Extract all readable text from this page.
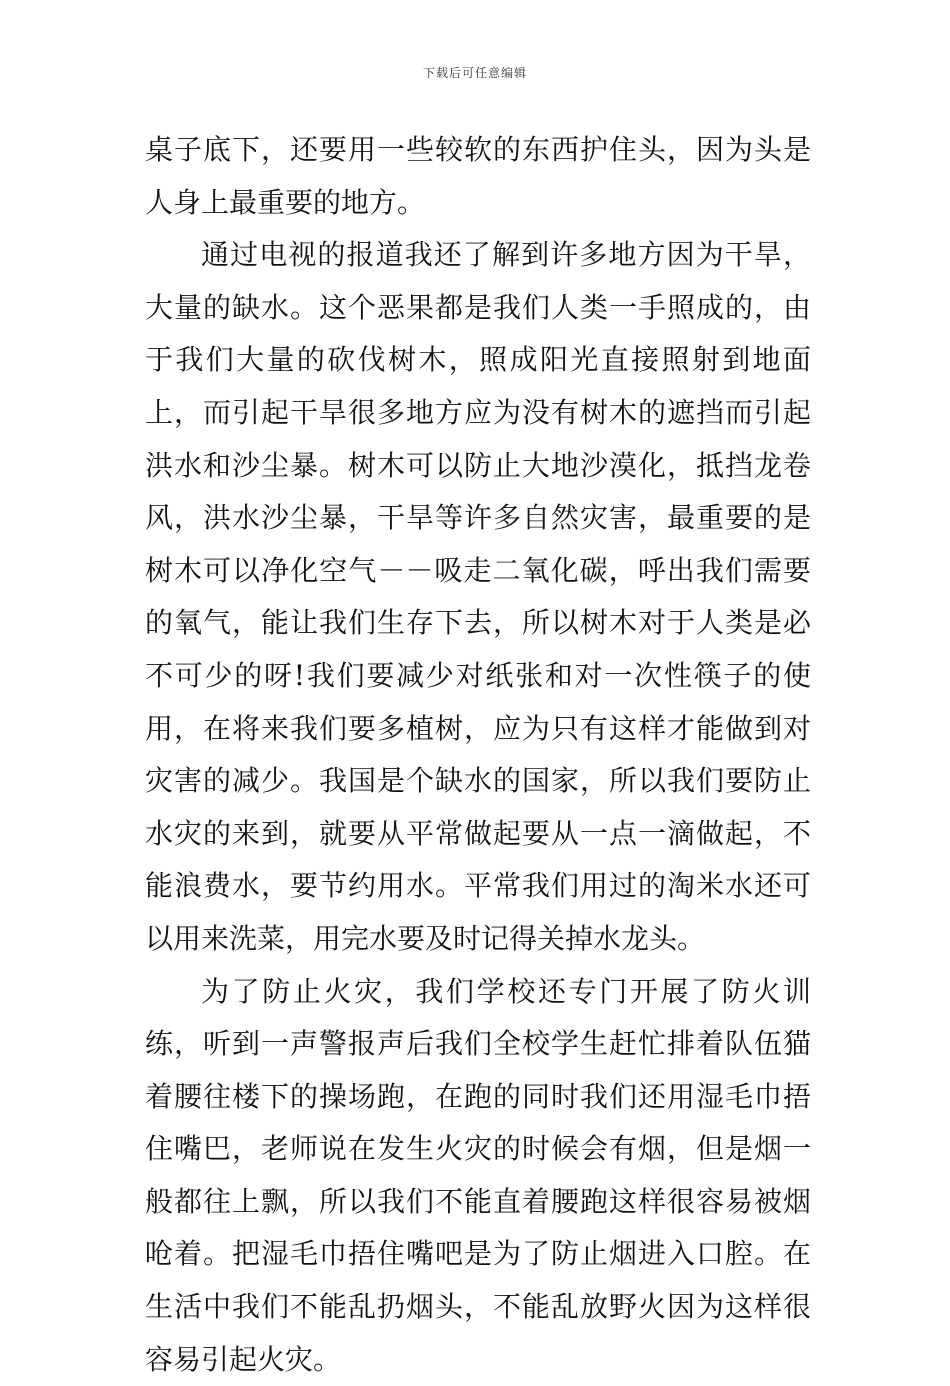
下载后可任意编辑

桌子底下，还要用一些较软的东西护住头，因为头是人身上最重要的地方。

通过电视的报道我还了解到许多地方因为干旱，大量的缺水。这个恶果都是我们人类一手照成的，由于我们大量的砍伐树木，照成阳光直接照射到地面上，而引起干旱很多地方应为没有树木的遮挡而引起洪水和沙尘暴。树木可以防止大地沙漠化，抵挡龙卷风，洪水沙尘暴，干旱等许多自然灾害，最重要的是树木可以净化空气－－吸走二氧化碳，呼出我们需要的氧气，能让我们生存下去，所以树木对于人类是必不可少的呀!我们要减少对纸张和对一次性筷子的使用，在将来我们要多植树，应为只有这样才能做到对灾害的减少。我国是个缺水的国家，所以我们要防止水灾的来到，就要从平常做起要从一点一滴做起，不能浪费水，要节约用水。平常我们用过的淘米水还可以用来洗菜，用完水要及时记得关掉水龙头。

为了防止火灾，我们学校还专门开展了防火训练，听到一声警报声后我们全校学生赶忙排着队伍猫着腰往楼下的操场跑，在跑的同时我们还用湿毛巾捂住嘴巴，老师说在发生火灾的时候会有烟，但是烟一般都往上飘，所以我们不能直着腰跑这样很容易被烟呛着。把湿毛巾捂住嘴吧是为了防止烟进入口腔。在生活中我们不能乱扔烟头，不能乱放野火因为这样很容易引起火灾。
